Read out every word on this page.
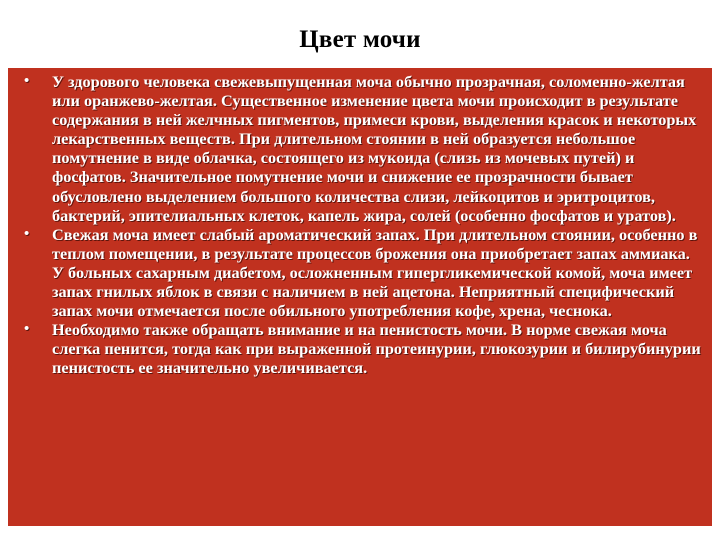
Цвет мочи
• У здорового человека свежевыпущенная моча обычно прозрачная, соломенно-желтая или оранжево-желтая. Существенное изменение цвета мочи происходит в результате содержания в ней желчных пигментов, примеси крови, выделения красок и некоторых лекарственных веществ. При длительном стоянии в ней образуется небольшое помутнение в виде облачка, состоящего из мукоида (слизь из мочевых путей) и фосфатов. Значительное помутнение мочи и снижение ее прозрачности бывает обусловлено выделением большого количества слизи, лейкоцитов и эритроцитов, бактерий, эпителиальных клеток, капель жира, солей (особенно фосфатов и уратов).
• Свежая моча имеет слабый ароматический запах. При длительном стоянии, особенно в теплом помещении, в результате процессов брожения она приобретает запах аммиака. У больных сахарным диабетом, осложненным гипергликемической комой, моча имеет запах гнилых яблок в связи с наличием в ней ацетона. Неприятный специфический запах мочи отмечается после обильного употребления кофе, хрена, чеснока.
• Необходимо также обращать внимание и на пенистость мочи. В норме свежая моча слегка пенится, тогда как при выраженной протеинурии, глюкозурии и билирубинурии пенистость ее значительно увеличивается.
